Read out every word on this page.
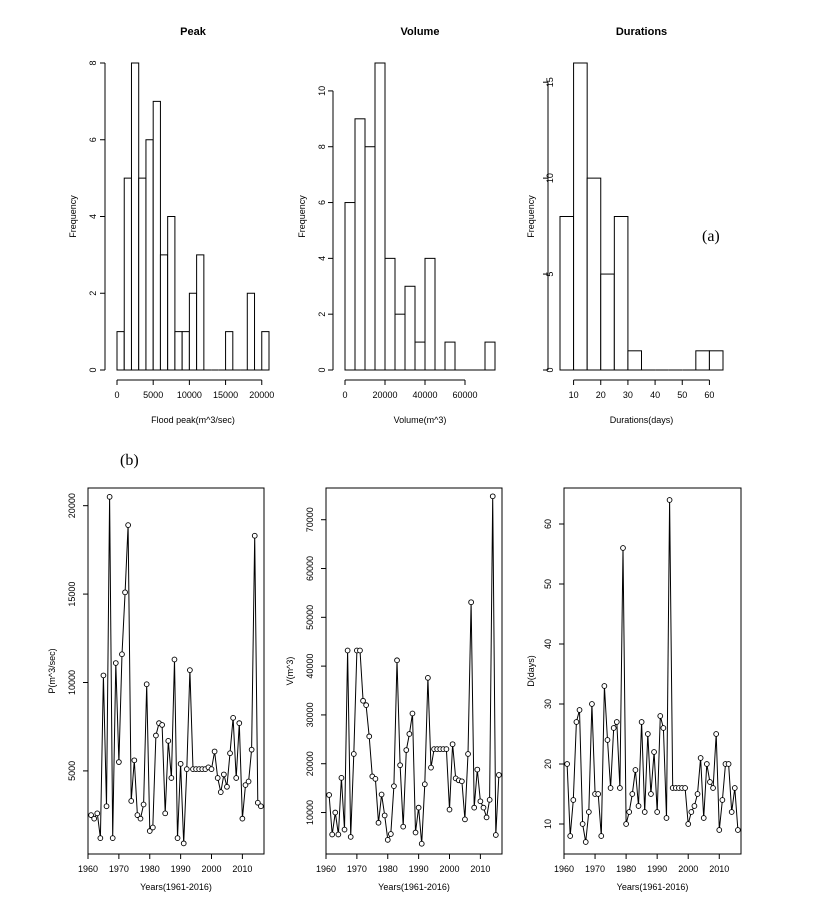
Peak
0	5000 10000 15000 20000
Flood peak(m^3/sec)
0
2
4
6
8
Frequency
Volume
0	20000 40000 60000
Volume(m^3)
0
2
4
6
8
10
Frequency
Durations
10 20 30 40 50 60
Durations(days)
0
5
10
15
Frequency
1960 1970 1980 1990 2000 2010
Years(1961-2016)
5000
10000
15000
20000
P(m^3/sec)
1960 1970 1980 1990 2000 2010
Years(1961-2016)
10000
20000
30000
40000
50000
60000
70000
V(m^3)
1960 1970 1980 1990 2000 2010
Years(1961-2016)
10
20
30
40
50
60
D(days)
(a)
(b)
